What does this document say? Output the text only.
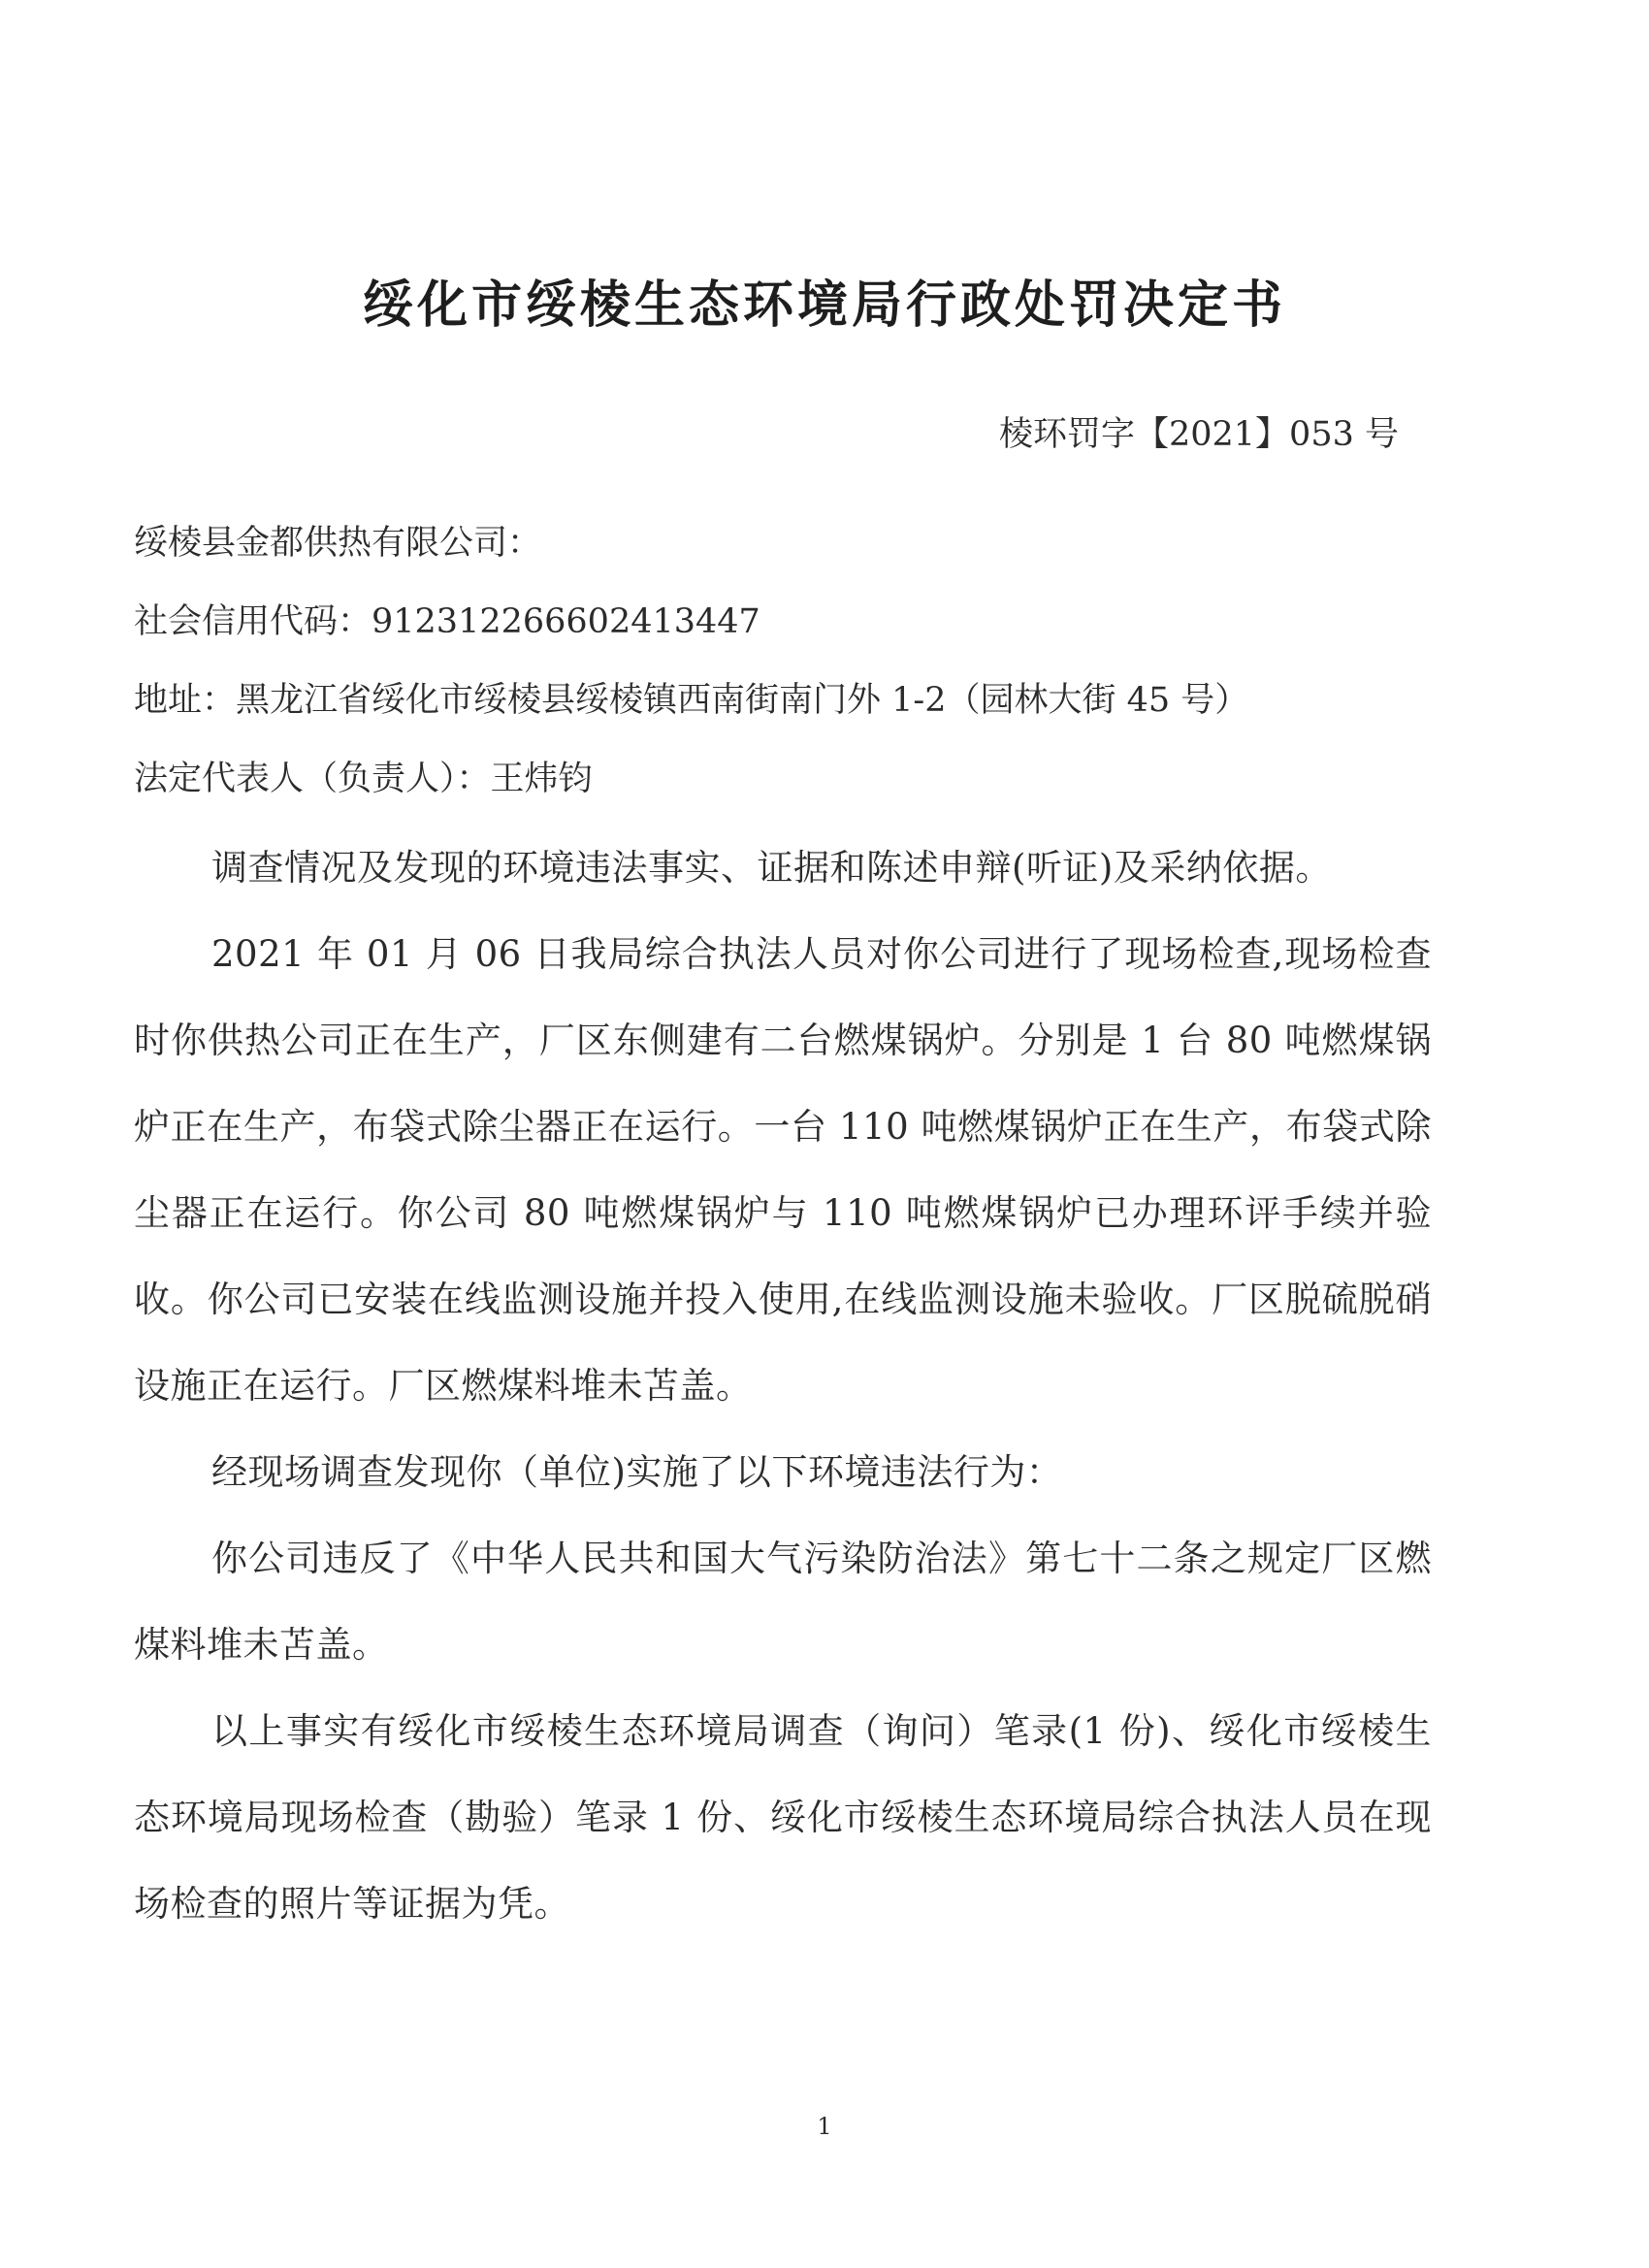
绥化市绥棱生态环境局行政处罚决定书
棱环罚字【2021】053 号
绥棱县金都供热有限公司：
社会信用代码：912312266602413447
地址：黑龙江省绥化市绥棱县绥棱镇西南街南门外 1-2（园林大街 45 号）
法定代表人（负责人）：王炜钧

调查情况及发现的环境违法事实、证据和陈述申辩(听证)及采纳依据。

2021 年 01 月 06 日我局综合执法人员对你公司进行了现场检查,现场检查时你供热公司正在生产，厂区东侧建有二台燃煤锅炉。分别是 1 台 80 吨燃煤锅炉正在生产，布袋式除尘器正在运行。一台 110 吨燃煤锅炉正在生产，布袋式除尘器正在运行。你公司 80 吨燃煤锅炉与 110 吨燃煤锅炉已办理环评手续并验收。你公司已安装在线监测设施并投入使用,在线监测设施未验收。厂区脱硫脱硝设施正在运行。厂区燃煤料堆未苫盖。

经现场调查发现你（单位)实施了以下环境违法行为：

你公司违反了《中华人民共和国大气污染防治法》第七十二条之规定厂区燃煤料堆未苫盖。

以上事实有绥化市绥棱生态环境局调查（询问）笔录(1 份)、绥化市绥棱生态环境局现场检查（勘验）笔录 1 份、绥化市绥棱生态环境局综合执法人员在现场检查的照片等证据为凭。

1
